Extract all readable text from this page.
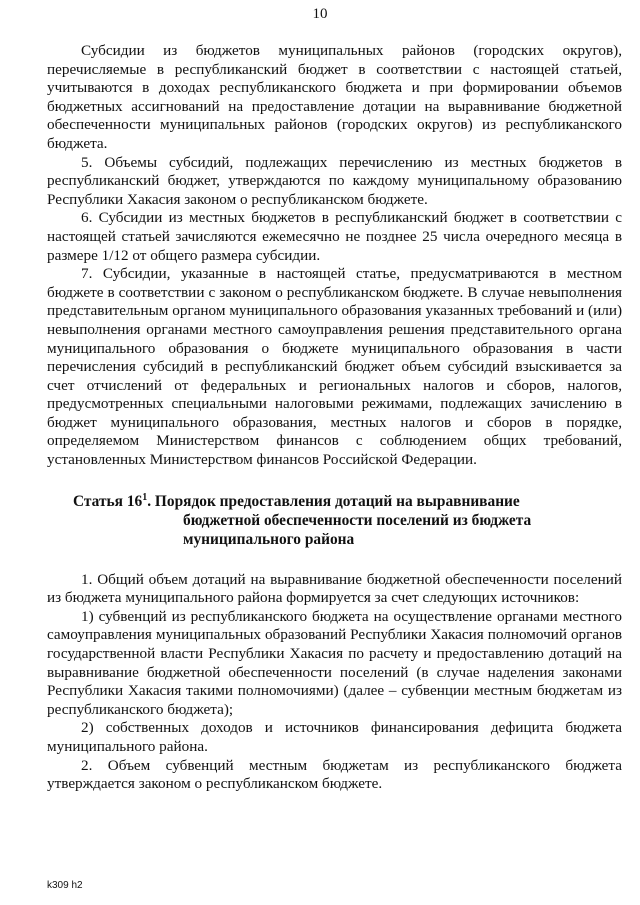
10

Субсидии из бюджетов муниципальных районов (городских округов), перечисляемые в республиканский бюджет в соответствии с настоящей статьей, учитываются в доходах республиканского бюджета и при формировании объемов бюджетных ассигнований на предоставление дотации на выравнивание бюджетной обеспеченности муниципальных районов (городских округов) из республиканского бюджета.

5. Объемы субсидий, подлежащих перечислению из местных бюджетов в республиканский бюджет, утверждаются по каждому муниципальному образованию Республики Хакасия законом о республиканском бюджете.

6. Субсидии из местных бюджетов в республиканский бюджет в соответствии с настоящей статьей зачисляются ежемесячно не позднее 25 числа очередного месяца в размере 1/12 от общего размера субсидии.

7. Субсидии, указанные в настоящей статье, предусматриваются в местном бюджете в соответствии с законом о республиканском бюджете. В случае невыполнения представительным органом муниципального образования указанных требований и (или) невыполнения органами местного самоуправления решения представительного органа муниципального образования о бюджете муниципального образования в части перечисления субсидий в республиканский бюджет объем субсидий взыскивается за счет отчислений от федеральных и региональных налогов и сборов, налогов, предусмотренных специальными налоговыми режимами, подлежащих зачислению в бюджет муниципального образования, местных налогов и сборов в порядке, определяемом Министерством финансов с соблюдением общих требований, установленных Министерством финансов Российской Федерации.

Статья $16^1$. Порядок предоставления дотаций на выравнивание
бюджетной обеспеченности поселений из бюджета
муниципального района

1. Общий объем дотаций на выравнивание бюджетной обеспеченности поселений из бюджета муниципального района формируется за счет следующих источников:

1) субвенций из республиканского бюджета на осуществление органами местного самоуправления муниципальных образований Республики Хакасия полномочий органов государственной власти Республики Хакасия по расчету и предоставлению дотаций на выравнивание бюджетной обеспеченности поселений (в случае наделения законами Республики Хакасия такими полномочиями) (далее – субвенции местным бюджетам из республиканского бюджета);

2) собственных доходов и источников финансирования дефицита бюджета муниципального района.

2. Объем субвенций местным бюджетам из республиканского бюджета утверждается законом о республиканском бюджете.

k309 h2
